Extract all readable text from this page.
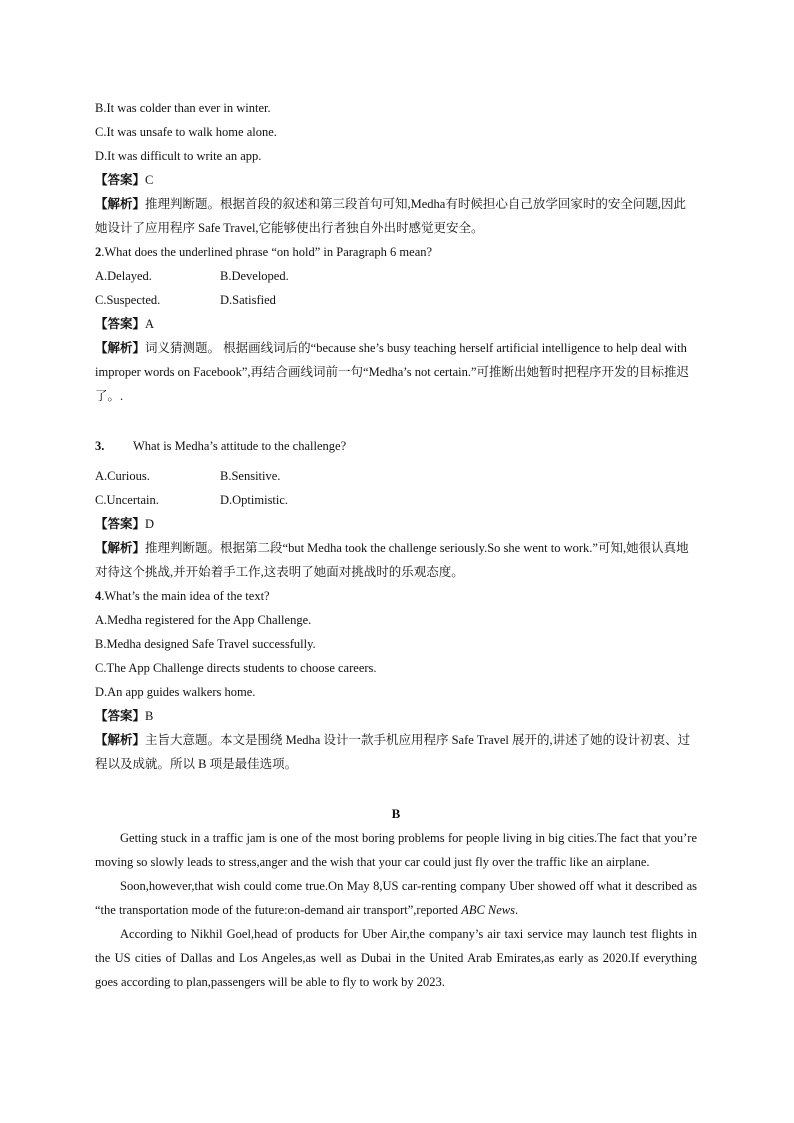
B.It was colder than ever in winter.
C.It was unsafe to walk home alone.
D.It was difficult to write an app.
【答案】C
【解析】推理判断题。根据首段的叙述和第三段首句可知,Medha有时候担心自己放学回家时的安全问题,因此她设计了应用程序 Safe Travel,它能够使出行者独自外出时感觉更安全。
2.What does the underlined phrase “on hold” in Paragraph 6 mean?
A.Delayed.	B.Developed.
C.Suspected.	D.Satisfied
【答案】A
【解析】词义猜测题。 根据画线词后的“because she’s busy teaching herself artificial intelligence to help deal with improper words on Facebook”,再结合画线词前一句“Medha’s not certain.”可推断出她暂时把程序开发的目标推迟了。.
3. What is Medha’s attitude to the challenge?
A.Curious.	B.Sensitive.
C.Uncertain.	D.Optimistic.
【答案】D
【解析】推理判断题。根据第二段“but Medha took the challenge seriously.So she went to work.”可知,她很认真地对待这个挑战,并开始着手工作,这表明了她面对挑战时的乐观态度。
4.What’s the main idea of the text?
A.Medha registered for the App Challenge.
B.Medha designed Safe Travel successfully.
C.The App Challenge directs students to choose careers.
D.An app guides walkers home.
【答案】B
【解析】主旨大意题。本文是围绕 Medha 设计一款手机应用程序 Safe Travel 展开的,讲述了她的设计初衷、过程以及成就。所以 B 项是最佳选项。
B
Getting stuck in a traffic jam is one of the most boring problems for people living in big cities.The fact that you’re moving so slowly leads to stress,anger and the wish that your car could just fly over the traffic like an airplane.
Soon,however,that wish could come true.On May 8,US car-renting company Uber showed off what it described as “the transportation mode of the future:on-demand air transport”,reported ABC News.
According to Nikhil Goel,head of products for Uber Air,the company’s air taxi service may launch test flights in the US cities of Dallas and Los Angeles,as well as Dubai in the United Arab Emirates,as early as 2020.If everything goes according to plan,passengers will be able to fly to work by 2023.
